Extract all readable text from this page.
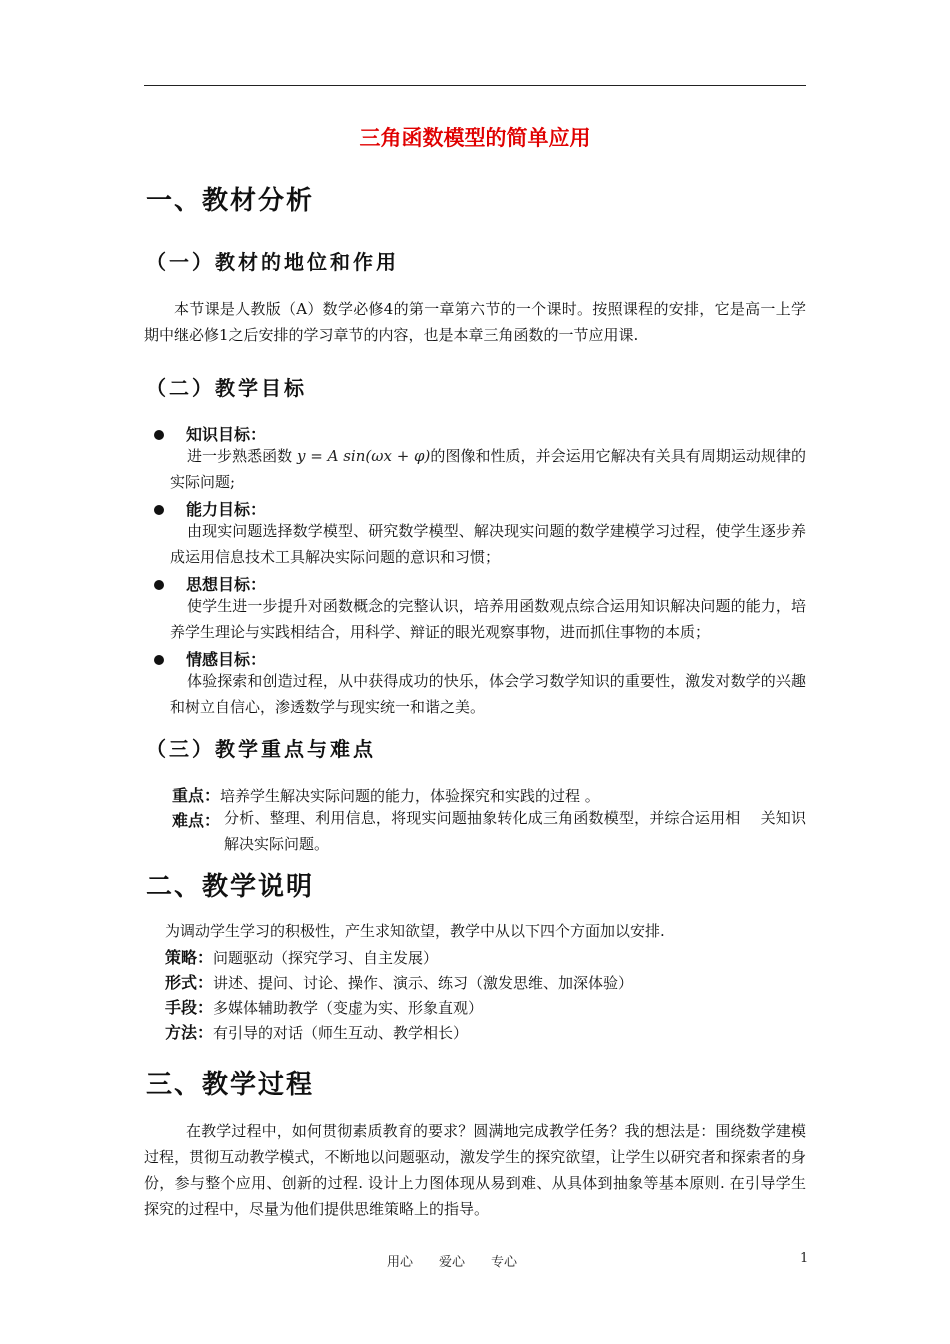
三角函数模型的简单应用
一、教材分析
（一）教材的地位和作用
本节课是人教版（A）数学必修4的第一章第六节的一个课时。按照课程的安排，它是高一上学期中继必修1之后安排的学习章节的内容，也是本章三角函数的一节应用课.
（二）教学目标
知识目标：
进一步熟悉函数 y = A sin(ωx + φ)的图像和性质，并会运用它解决有关具有周期运动规律的实际问题;
能力目标：
由现实问题选择数学模型、研究数学模型、解决现实问题的数学建模学习过程，使学生逐步养成运用信息技术工具解决实际问题的意识和习惯；
思想目标：
使学生进一步提升对函数概念的完整认识，培养用函数观点综合运用知识解决问题的能力，培养学生理论与实践相结合，用科学、辩证的眼光观察事物，进而抓住事物的本质；
情感目标：
体验探索和创造过程，从中获得成功的快乐，体会学习数学知识的重要性，激发对数学的兴趣和树立自信心，渗透数学与现实统一和谐之美。
（三）教学重点与难点
重点：培养学生解决实际问题的能力，体验探究和实践的过程 。
难点： 分析、整理、利用信息，将现实问题抽象转化成三角函数模型，并综合运用相　 关知识解决实际问题。
二、教学说明
为调动学生学习的积极性，产生求知欲望，教学中从以下四个方面加以安排.
策略：问题驱动（探究学习、自主发展）
形式：讲述、提问、讨论、操作、演示、练习（激发思维、加深体验）
手段：多媒体辅助教学（变虚为实、形象直观）
方法：有引导的对话（师生互动、教学相长）
三、教学过程
在教学过程中，如何贯彻素质教育的要求？圆满地完成教学任务？我的想法是：围绕数学建模过程，贯彻互动教学模式，不断地以问题驱动，激发学生的探究欲望，让学生以研究者和探索者的身份，参与整个应用、创新的过程. 设计上力图体现从易到难、从具体到抽象等基本原则. 在引导学生探究的过程中，尽量为他们提供思维策略上的指导。
用心　　爱心　　专心	1
